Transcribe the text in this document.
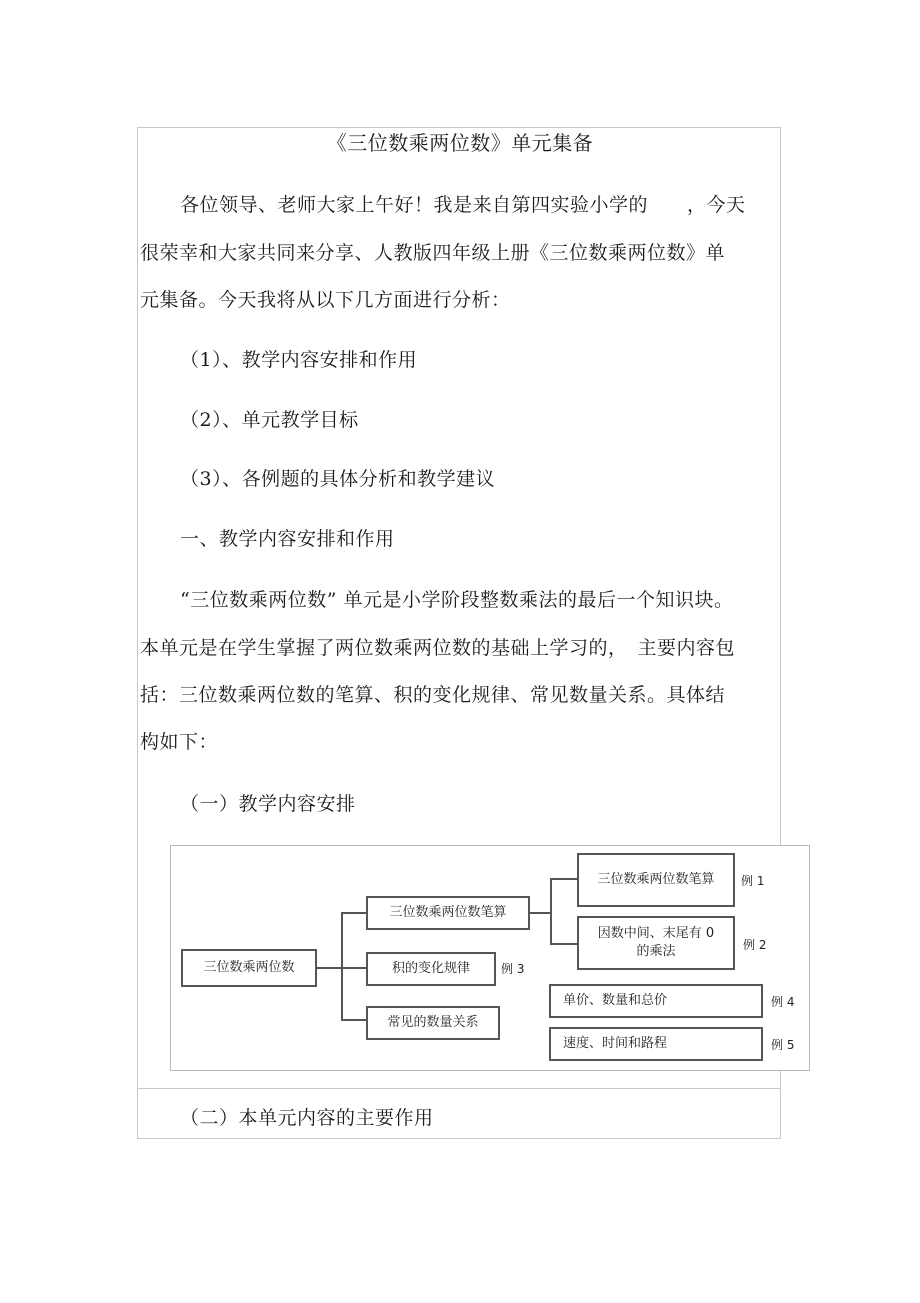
《三位数乘两位数》单元集备
各位领导、老师大家上午好！我是来自第四实验小学的　　，今天
很荣幸和大家共同来分享、人教版四年级上册《三位数乘两位数》单
元集备。今天我将从以下几方面进行分析：
（1）、教学内容安排和作用
（2）、单元教学目标
（3）、各例题的具体分析和教学建议
一、教学内容安排和作用
“三位数乘两位数” 单元是小学阶段整数乘法的最后一个知识块。
本单元是在学生掌握了两位数乘两位数的基础上学习的，　主要内容包
括：三位数乘两位数的笔算、积的变化规律、常见数量关系。具体结
构如下：
（一）教学内容安排
三位数乘两位数
三位数乘两位数笔算
积的变化规律
常见的数量关系
三位数乘两位数笔算
因数中间、末尾有 0 的乘法
单价、数量和总价
速度、时间和路程
例 1
例 2
例 3
例 4
例 5
（二）本单元内容的主要作用
